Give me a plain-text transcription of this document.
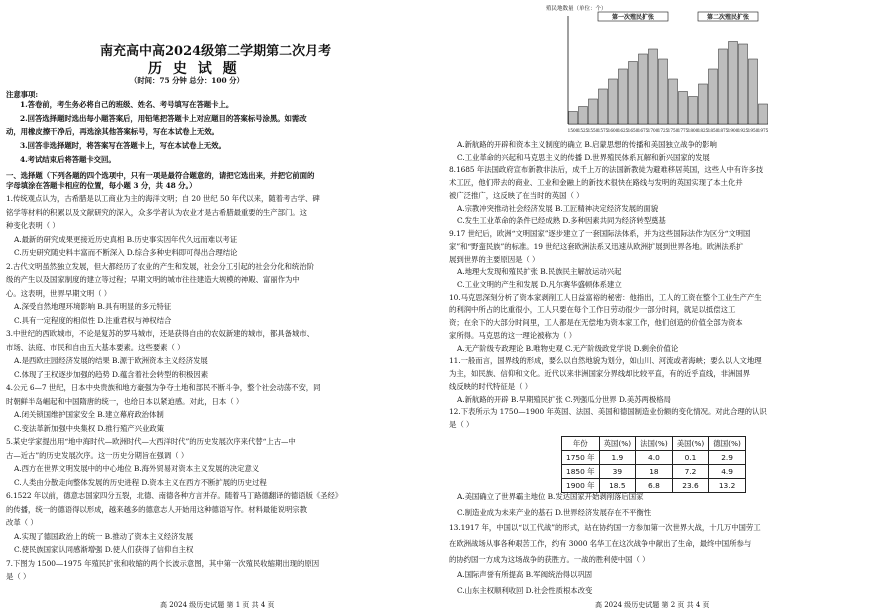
南充高中高2024级第二学期第二次月考
历 史 试 题
（时间：75 分钟 总分：100 分）
注意事项:
1.答卷前，考生务必将自己的班级、姓名、考号填写在答题卡上。
2.回答选择题时选出每小题答案后，用铅笔把答题卡上对应题目的答案标号涂黑。如需改
动，用橡皮擦干净后，再选涂其他答案标号，写在本试卷上无效。
3.回答非选择题时，将答案写在答题卡上，写在本试卷上无效。
4.考试结束后将答题卡交回。
一、选择题（下列各题的四个选项中，只有一项是最符合题意的，请把它选出来，并把它前面的
字母填涂在答题卡相应的位置，每小题 3 分，共 48 分。）
1.传统观点认为，古希腊是以工商业为主的海洋文明；自 20 世纪 50 年代以来，随着考古学、碑
铭学等材料的积累以及文献研究的深入，众多学者认为农业才是古希腊最重要的生产部门。这
种变化表明（ ）
A.最新的研究成果更接近历史真相 B.历史事实因年代久远而难以考证
C.历史研究随史料丰富而不断深入 D.综合多种史料即可得出合理结论
2.古代文明虽然独立发展，但大都经历了农业的产生和发展，社会分工引起的社会分化和统治阶
级的产生以及国家制度的建立等过程；早期文明的城市往往建造大规模的神殿、富丽作为中
心。这表明，世界早期文明（ ）
A.深受自然地理环境影响 B.具有明显的多元特征
C.具有一定程度的相似性 D.注重君权与神权结合
3.中世纪的西欧城市，不论是复苏的罗马城市，还是获得自由的农奴新建的城市，都具备城市、
市场、法庭、市民和自由五大基本要素。这些要素（ ）
A.是西欧庄园经济发展的结果 B.源于欧洲资本主义经济发展
C.体现了王权逐步加强的趋势 D.蕴含着社会转型的积极因素
4.公元 6—7 世纪，日本中央贵族和地方豪强为争夺土地和部民不断斗争，整个社会动荡不安，同
时朝鲜半岛崛起和中国隋唐的统一，也给日本以紧迫感。对此，日本（ ）
A.闭关锁国维护国家安全 B.建立幕府政治体制
C.变法革新加强中央集权 D.推行殖产兴业政策
5.某史学家提出用“地中海时代—欧洲时代—大西洋时代”的历史发展次序来代替“上古—中
古—近古”的历史发展次序。这一历史分期旨在强调（ ）
A.西方在世界文明发展中的中心地位 B.海外贸易对资本主义发展的决定意义
C.人类由分散走向整体发展的历史进程 D.资本主义在西方不断扩展的历史过程
6.1522 年以前，德意志国家四分五裂，北德、南德各种方言并存。随着马丁路德翻译的德语版《圣经》
的传播，统一的德语得以形成，越来越多的德意志人开始用这种德语写作。材料最能说明宗教
改革（ ）
A.实现了德国政治上的统一 B.推动了资本主义经济发展
C.使民族国家认同感渐增强 D.使人们获得了信仰自主权
7.下图为 1500—1975 年殖民扩张和收缩的两个长波示意图，其中第一次殖民收缩期出现的原因
是（ ）
高 2024 级历史试题 第 1 页 共 4 页
殖民地数量（单位：个）
1500 1525 1550 1575 1600 1625 1650 1675 1700 1725 1750 1775 1800 1825 1850 1875 1900 1925 1950 1975
第一次殖民扩张	第二次殖民扩张
A.新航路的开辟和资本主义制度的确立 B.启蒙思想的传播和美国独立战争的影响
C.工业革命的兴起和马克思主义的传播 D.世界殖民体系瓦解和新兴国家的发展
8.1685 年法国政府宣布新教非法后，成千上万的法国新教徒为避难移居英国，这些人中有许多技
术工匠，他们带去的商业、工业和金融上的新技术很快在路线与发明的英国实现了本土化并
被广泛推广，这反映了在当时的英国（ ）
A.宗教冲突推动社会经济发展 B.工匠精神决定经济发展的面貌
C.发生工业革命的条件已经成熟 D.多种因素共同为经济转型奠基
9.17 世纪后，欧洲“文明国家”逐步建立了一套国际法体系，并为这些国际法作为区分“文明国
家”和“野蛮民族”的标准。19 世纪这套欧洲法系又迅速从欧洲扩展到世界各地。欧洲法系扩
展到世界的主要原因是（ ）
A.地理大发现和殖民扩张 B.民族民主解放运动兴起
C.工业文明的产生和发展 D.凡尔赛华盛顿体系建立
10.马克思深刻分析了资本家剥削工人日益富裕的秘密：他指出，工人的工资在整个工业生产产生
的利润中所占的比重很小，工人只要在每个工作日劳动很少一部分时间，就足以抵偿这工
资；在余下的大部分时间里，工人都是在无偿地为资本家工作，他们创造的价值全部为资本
家所得。马克思的这一理论被称为（ ）
A.无产阶级专政理论 B.唯物史观 C.无产阶级政党学说 D.剩余价值论
11.一般而言，国界线的形成，要么以自然地貌为划分，如山川、河流或者海峡；要么以人文地理
为主，如民族、信仰和文化。近代以来非洲国家分界线却比较平直，有的近乎直线，非洲国界
线反映的时代特征是（ ）
A.新航路的开辟 B.早期殖民扩张 C.列强瓜分世界 D.美苏两极格局
12.下表所示为 1750—1900 年英国、法国、美国和德国制造业份额的变化情况。对此合理的认识
是（ ）
A.美国确立了世界霸主地位 B.发达国家开始剥削落后国家
C.制造业成为未来产业的基石 D.世界经济发展存在不平衡性
13.1917 年，中国以“以工代战”的形式，站在协约国一方参加第一次世界大战，十几万中国劳工
在欧洲战场从事各种艰苦工作，约有 3000 名华工在这次战争中献出了生命，最终中国所参与
的协约国一方成为这场战争的获胜方。一战的胜利使中国（ ）
A.国际声誉有所提高 B.军阀统治得以巩固
C.山东主权顺利收回 D.社会性质根本改变
年份	英国(%)	法国(%)	美国(%)	德国(%)
1750 年	1.9	4.0	0.1	2.9
1850 年	39	18	7.2	4.9
1900 年	18.5	6.8	23.6	13.2
高 2024 级历史试题 第 2 页 共 4 页
